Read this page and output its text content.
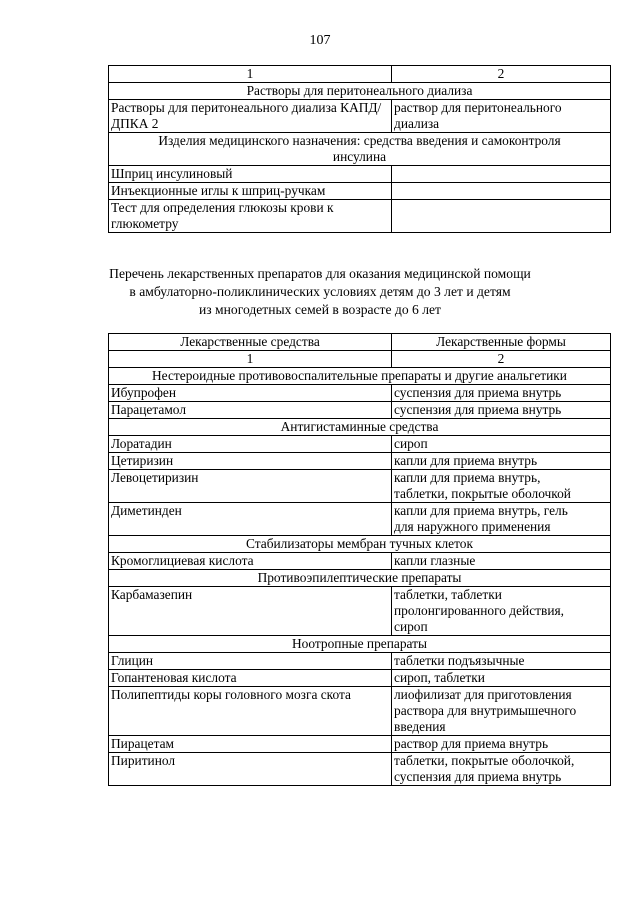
107
1	2
Растворы для перитонеального диализа	
Растворы для перитонеального диализа КАПД/ДПКА 2	раствор для перитонеального диализа
Изделия медицинского назначения: средства введения и самоконтроля инсулина	
Шприц инсулиновый	
Инъекционные иглы к шприц-ручкам	
Тест для определения глюкозы крови к глюкометру	
Перечень лекарственных препаратов для оказания медицинской помощи
в амбулаторно-поликлинических условиях детям до 3 лет и детям
из многодетных семей в возрасте до 6 лет
Лекарственные средства	Лекарственные формы
1	2
Нестероидные противовоспалительные препараты и другие анальгетики	
Ибупрофен	суспензия для приема внутрь
Парацетамол	суспензия для приема внутрь
Антигистаминные средства	
Лоратадин	сироп
Цетиризин	капли для приема внутрь
Левоцетиризин	капли для приема внутрь,
таблетки, покрытые оболочкой

Диметинден	капли для приема внутрь, гель
для наружного применения

Стабилизаторы мембран тучных клеток	
Кромоглициевая кислота	капли глазные
Противоэпилептические препараты	
Карбамазепин	таблетки, таблетки
пролонгированного действия,
сироп

Ноотропные препараты	
Глицин	таблетки подъязычные
Гопантеновая кислота	сироп, таблетки
Полипептиды коры головного мозга скота	лиофилизат для приготовления
раствора для внутримышечного
введения

Пирацетам	раствор для приема внутрь
Пиритинол	таблетки, покрытые оболочкой,
суспензия для приема внутрь
